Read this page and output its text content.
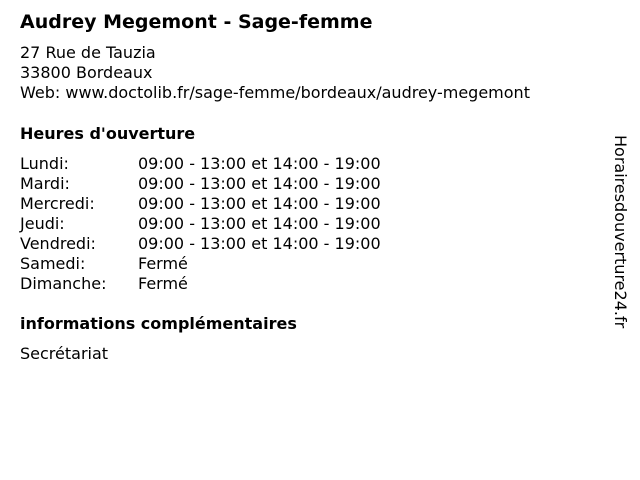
Audrey Megemont - Sage-femme
27 Rue de Tauzia
33800 Bordeaux
Web: www.doctolib.fr/sage-femme/bordeaux/audrey-megemont
Heures d'ouverture
Lundi:	09:00 - 13:00 et 14:00 - 19:00
Mardi:	09:00 - 13:00 et 14:00 - 19:00
Mercredi:	09:00 - 13:00 et 14:00 - 19:00
Jeudi:	09:00 - 13:00 et 14:00 - 19:00
Vendredi:	09:00 - 13:00 et 14:00 - 19:00
Samedi:	Fermé
Dimanche:	Fermé
informations complémentaires
Secrétariat
Horairesdouverture24.fr
